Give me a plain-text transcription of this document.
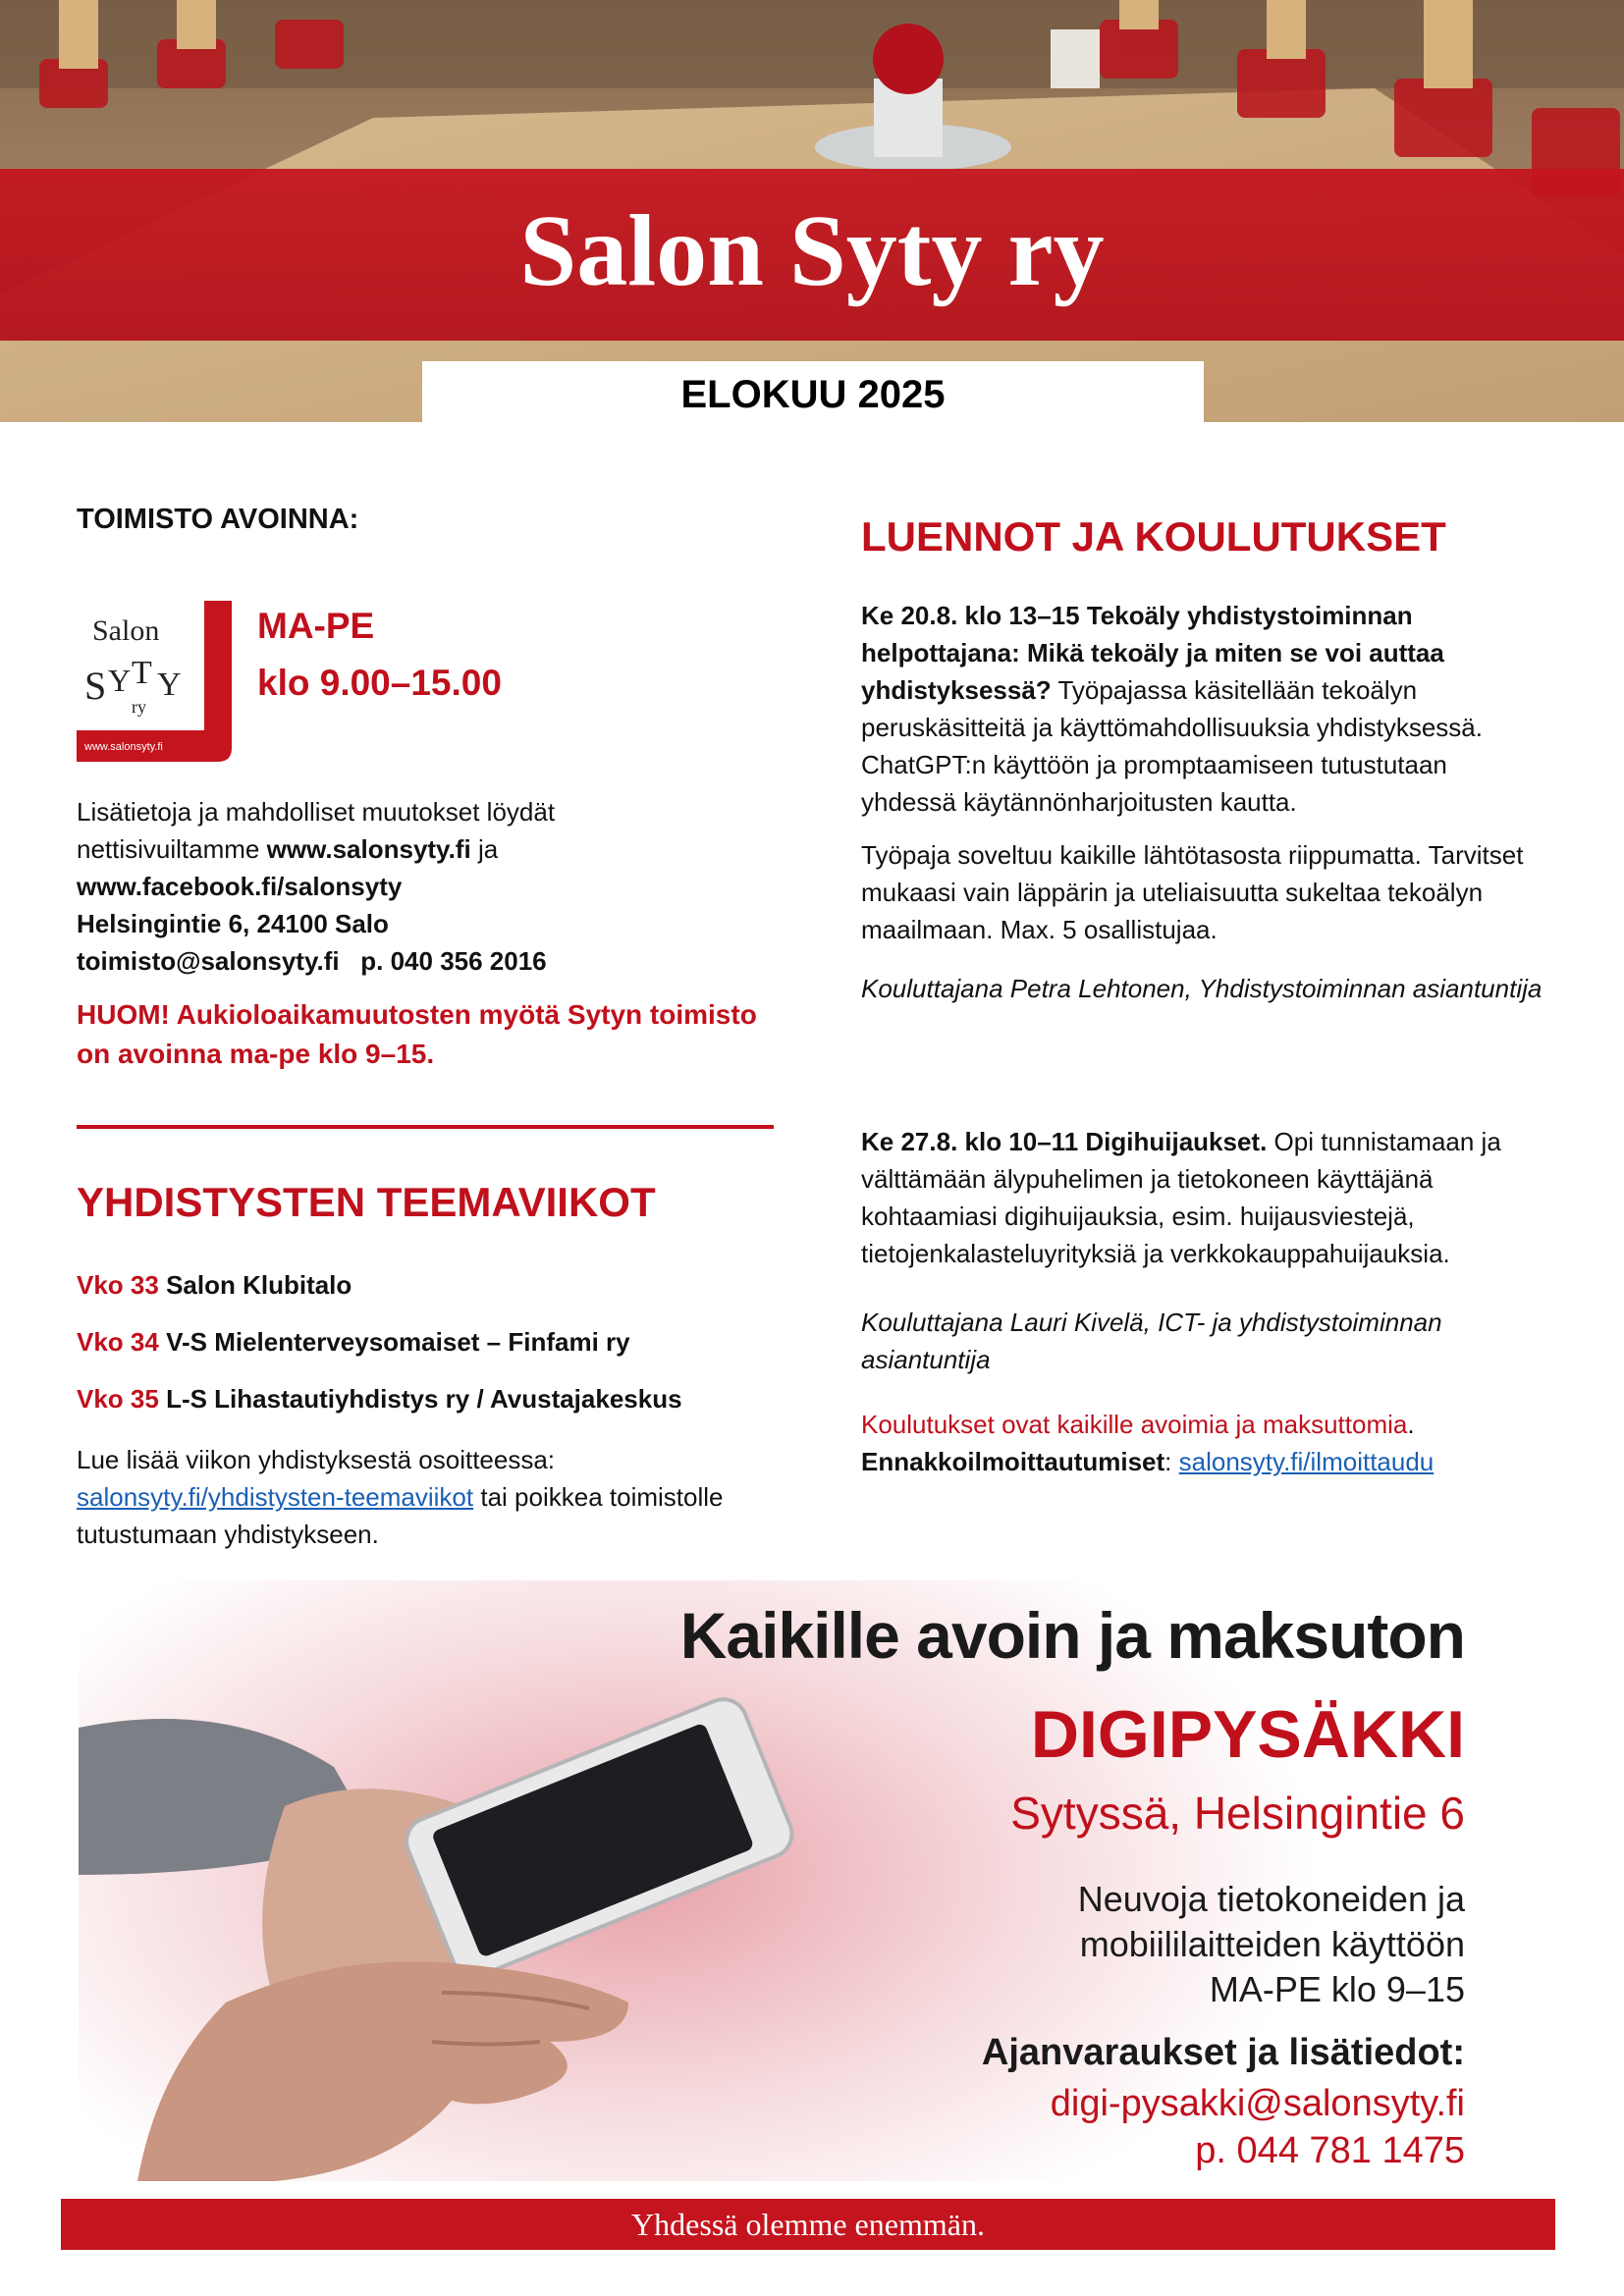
Salon Syty ry
ELOKUU 2025
TOIMISTO AVOINNA:
Salon
S Y T Y
ry
www.salonsyty.fi
MA-PE
klo 9.00–15.00

Lisätietoja ja mahdolliset muutokset löydät

nettisivuiltamme www.salonsyty.fi ja

www.facebook.fi/salonsyty

Helsingintie 6, 24100 Salo

toimisto@salonsyty.fi p. 040 356 2016

HUOM! Aukioloaikamuutosten myötä Sytyn toimisto on avoinna ma-pe klo 9–15.
YHDISTYSTEN TEEMAVIIKOT
Vko 33 Salon Klubitalo
Vko 34 V-S Mielenterveysomaiset – Finfami ry
Vko 35 L-S Lihastautiyhdistys ry / Avustajakeskus
Lue lisää viikon yhdistyksestä osoitteessa:
salonsyty.fi/yhdistysten-teemaviikot tai poikkea toimistolle tutustumaan yhdistykseen.
LUENNOT JA KOULUTUKSET
Ke 20.8. klo 13–15 Tekoäly yhdistystoiminnan helpottajana: Mikä tekoäly ja miten se voi auttaa yhdistyksessä? Työpajassa käsitellään tekoälyn peruskäsitteitä ja käyttömahdollisuuksia yhdistyksessä. ChatGPT:n käyttöön ja promptaamiseen tutustutaan yhdessä käytännönharjoitusten kautta.
Työpaja soveltuu kaikille lähtötasosta riippumatta. Tarvitset mukaasi vain läppärin ja uteliaisuutta sukeltaa tekoälyn maailmaan. Max. 5 osallistujaa.
Kouluttajana Petra Lehtonen, Yhdistystoiminnan asiantuntija
Ke 27.8. klo 10–11 Digihuijaukset. Opi tunnistamaan ja välttämään älypuhelimen ja tietokoneen käyttäjänä kohtaamiasi digihuijauksia, esim. huijausviestejä, tietojenkalasteluyrityksiä ja verkkokauppahuijauksia.
Kouluttajana Lauri Kivelä, ICT- ja yhdistystoiminnan asiantuntija
Koulutukset ovat kaikille avoimia ja maksuttomia.
Ennakkoilmoittautumiset: salonsyty.fi/ilmoittaudu
Kaikille avoin ja maksuton
DIGIPYSÄKKI
Sytyssä, Helsingintie 6
Neuvoja tietokoneiden ja
mobiililaitteiden käyttöön
MA-PE klo 9–15
Ajanvaraukset ja lisätiedot:
digi-pysakki@salonsyty.fi
p. 044 781 1475
Yhdessä olemme enemmän.
